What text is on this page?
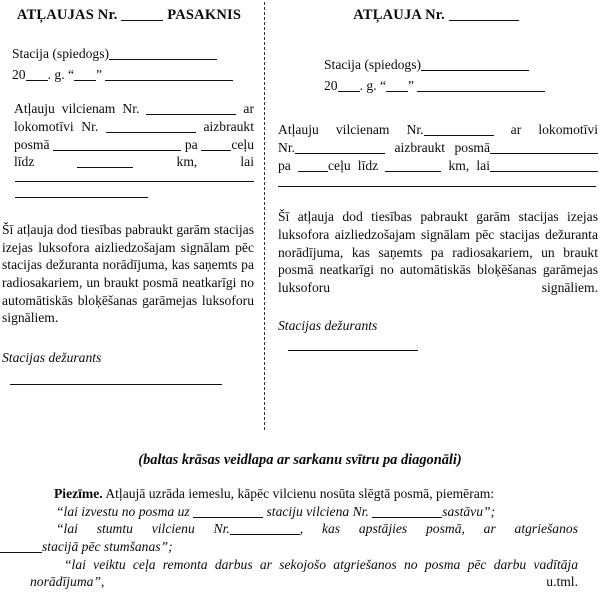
ATĻAUJAS Nr.	PASAKNIS
Stacija (spiedogs)
20 . g. “ ”
Atļauju vilcienam Nr.	ar
lokomotīvi Nr.	aizbraukt
posmā	pa ceļu
līdz	km,	lai
Šī atļauja dod tiesības pabraukt garām stacijas izejas luksofora aizliedzošajam signālam pēc stacijas dežuranta norādījuma, kas saņemts pa radiosakariem, un braukt posmā neatkarīgi no automātiskās bloķēšanas garāmejas luksoforu signāliem.
Stacijas dežurants
ATĻAUJA Nr.
Stacija (spiedogs)
20 . g. “ ”
Atļauju vilcienam Nr.	ar lokomotīvi
Nr.	aizbraukt posmā
pa	ceļu līdz	km, lai
Šī atļauja dod tiesības pabraukt garām stacijas izejas luksofora aizliedzošajam signālam pēc stacijas dežuranta norādījuma, kas saņemts pa radiosakariem, un braukt posmā neatkarīgi no automātiskās bloķēšanas garāmejas luksoforu signāliem.
Stacijas dežurants
(baltas krāsas veidlapa ar sarkanu svītru pa diagonāli)
Piezīme. Atļaujā uzrāda iemeslu, kāpēc vilcienu nosūta slēgtā posmā, piemēram:
“lai izvestu no posma uz	staciju vilciena Nr.	sastāvu”;
“lai stumtu vilcienu Nr.	, kas apstājies posmā, ar atgriešanos
stacijā pēc stumšanas”;
“lai veiktu ceļa remonta darbus ar sekojošo atgriešanos no posma pēc darbu vadītāja norādījuma”, u.tml.
